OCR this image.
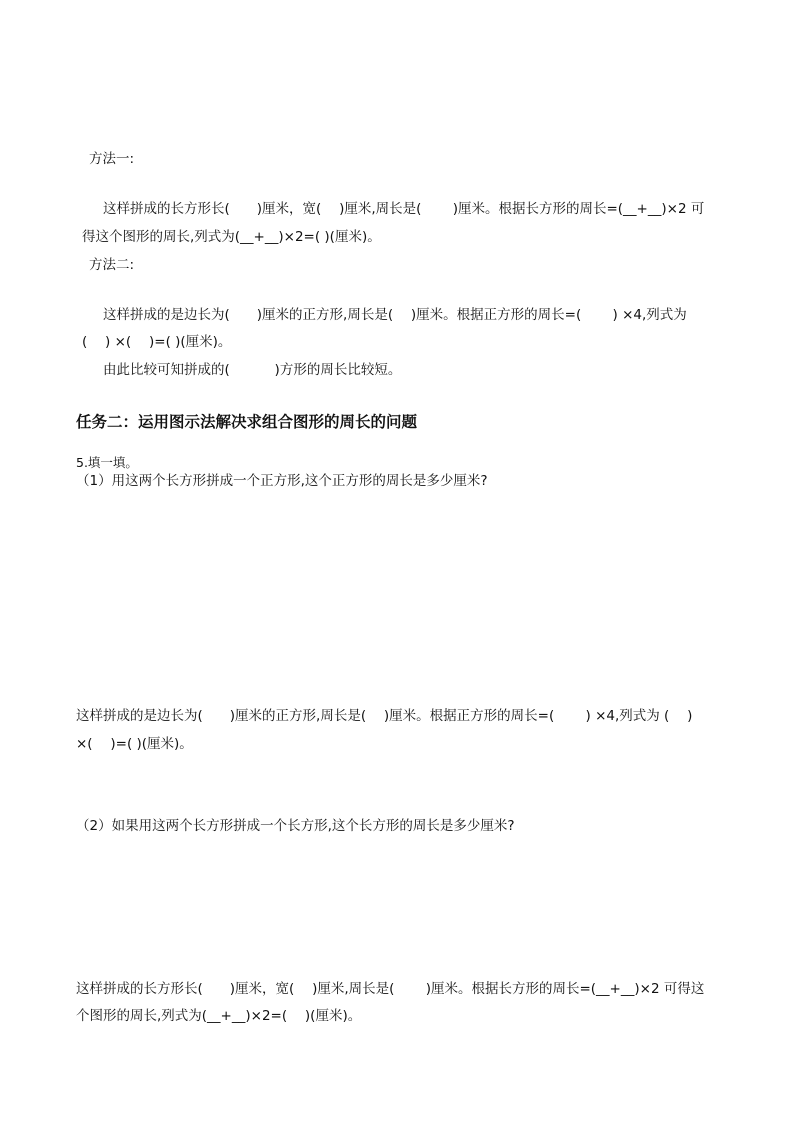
方法一:
这样拼成的长方形长(　　)厘米，宽(　 )厘米,周长是(　　 )厘米。根据长方形的周长=(__+__)×2 可
得这个图形的周长,列式为(__+__)×2=( )(厘米)。
方法二:
这样拼成的是边长为(　　)厘米的正方形,周长是(　 )厘米。根据正方形的周长=(　　 ) ×4,列式为
(　 ) ×(　 )=( )(厘米)。
由此比较可知拼成的(　　　 )方形的周长比较短。
任务二：运用图示法解决求组合图形的周长的问题
5.填一填。
（1）用这两个长方形拼成一个正方形,这个正方形的周长是多少厘米?
这样拼成的是边长为(　　)厘米的正方形,周长是(　 )厘米。根据正方形的周长=(　　 ) ×4,列式为 (　 )
×(　 )=( )(厘米)。
（2）如果用这两个长方形拼成一个长方形,这个长方形的周长是多少厘米?
这样拼成的长方形长(　　)厘米，宽(　 )厘米,周长是(　　 )厘米。根据长方形的周长=(__+__)×2 可得这
个图形的周长,列式为(__+__)×2=(　 )(厘米)。
